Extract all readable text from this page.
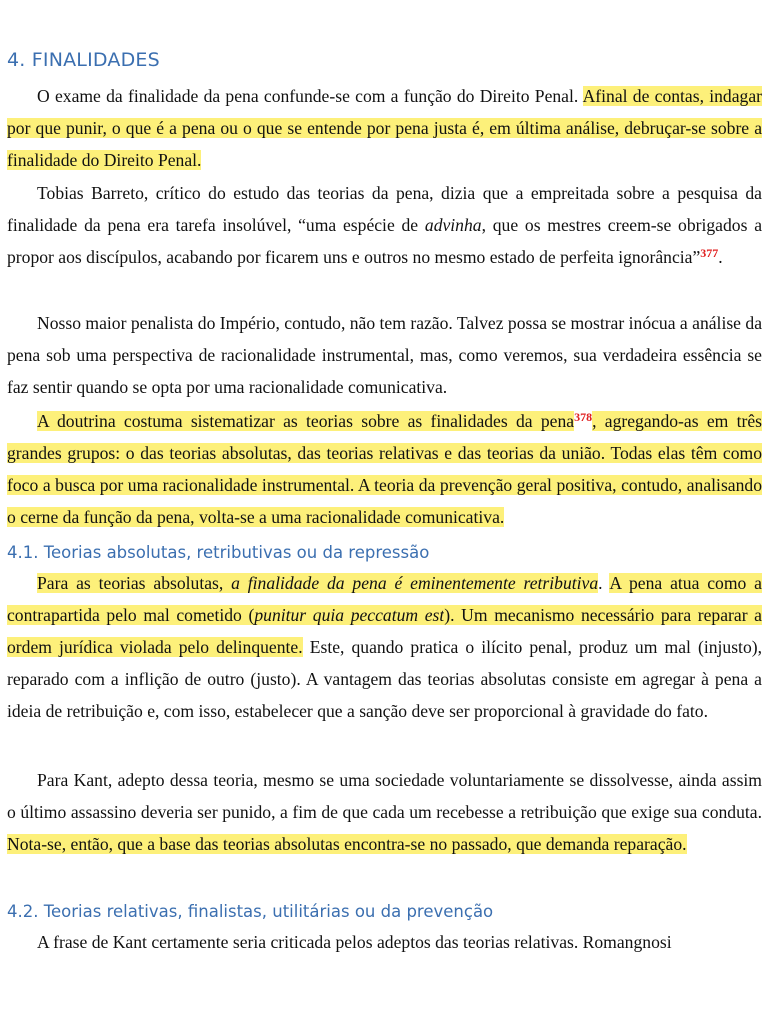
4. FINALIDADES

O exame da finalidade da pena confunde-se com a função do Direito Penal. Afinal de contas, indagar por que punir, o que é a pena ou o que se entende por pena justa é, em última análise, debruçar-se sobre a finalidade do Direito Penal.

Tobias Barreto, crítico do estudo das teorias da pena, dizia que a empreitada sobre a pesquisa da finalidade da pena era tarefa insolúvel, “uma espécie de advinha, que os mestres creem-se obrigados a propor aos discípulos, acabando por ficarem uns e outros no mesmo estado de perfeita ignorância”$^{377}$.

Nosso maior penalista do Império, contudo, não tem razão. Talvez possa se mostrar inócua a análise da pena sob uma perspectiva de racionalidade instrumental, mas, como veremos, sua verdadeira essência se faz sentir quando se opta por uma racionalidade comunicativa.

A doutrina costuma sistematizar as teorias sobre as finalidades da pena$^{378}$, agregando-as em três grandes grupos: o das teorias absolutas, das teorias relativas e das teorias da união. Todas elas têm como foco a busca por uma racionalidade instrumental. A teoria da prevenção geral positiva, contudo, analisando o cerne da função da pena, volta-se a uma racionalidade comunicativa.

4.1. Teorias absolutas, retributivas ou da repressão

Para as teorias absolutas, a finalidade da pena é eminentemente retributiva. A pena atua como a contrapartida pelo mal cometido (punitur quia peccatum est). Um mecanismo necessário para reparar a ordem jurídica violada pelo delinquente. Este, quando pratica o ilícito penal, produz um mal (injusto), reparado com a inflição de outro (justo). A vantagem das teorias absolutas consiste em agregar à pena a ideia de retribuição e, com isso, estabelecer que a sanção deve ser proporcional à gravidade do fato.

Para Kant, adepto dessa teoria, mesmo se uma sociedade voluntariamente se dissolvesse, ainda assim o último assassino deveria ser punido, a fim de que cada um recebesse a retribuição que exige sua conduta. Nota-se, então, que a base das teorias absolutas encontra-se no passado, que demanda reparação.

4.2. Teorias relativas, finalistas, utilitárias ou da prevenção

A frase de Kant certamente seria criticada pelos adeptos das teorias relativas. Romangnosi
